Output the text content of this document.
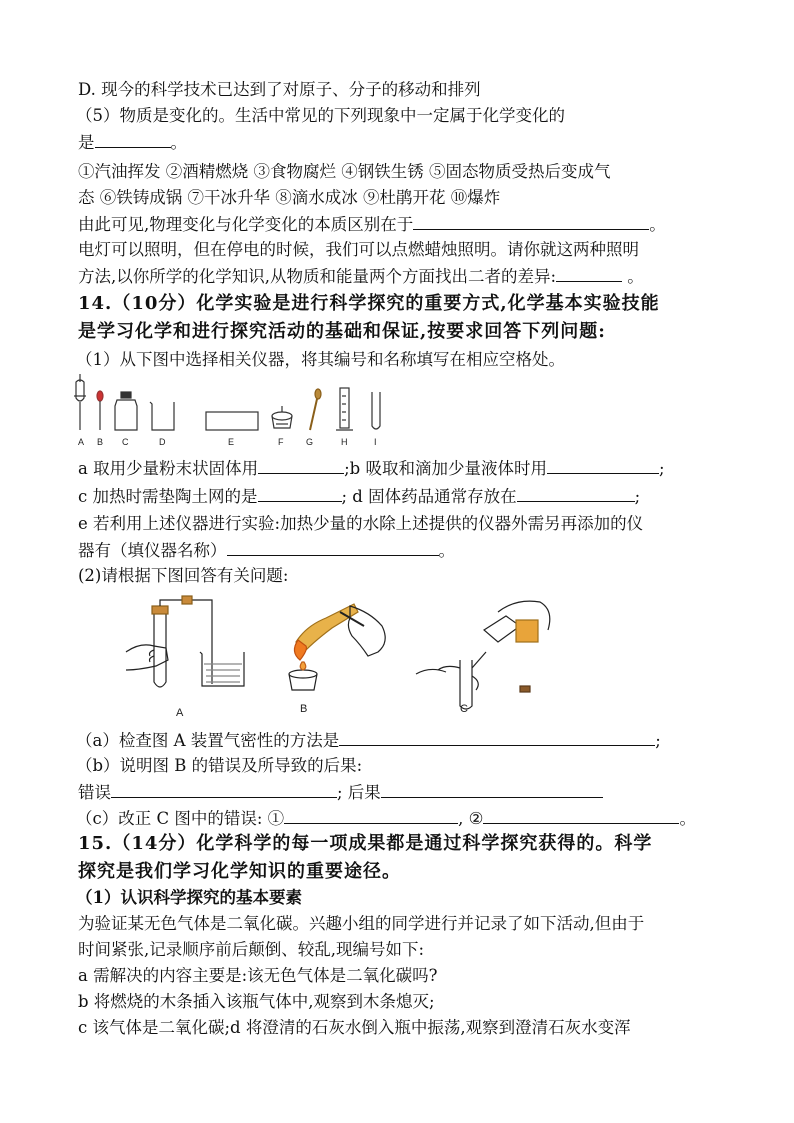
D. 现今的科学技术已达到了对原子、分子的移动和排列
（5）物质是变化的。生活中常见的下列现象中一定属于化学变化的
是	。
①汽油挥发 ②酒精燃烧 ③食物腐烂 ④钢铁生锈 ⑤固态物质受热后变成气
态 ⑥铁铸成锅 ⑦干冰升华 ⑧滴水成冰 ⑨杜鹃开花 ⑩爆炸
由此可见,物理变化与化学变化的本质区别在于	。
电灯可以照明，但在停电的时候，我们可以点燃蜡烛照明。请你就这两种照明
方法,以你所学的化学知识,从物质和能量两个方面找出二者的差异:	。
14.（10分）化学实验是进行科学探究的重要方式,化学基本实验技能
是学习化学和进行探究活动的基础和保证,按要求回答下列问题:
（1）从下图中选择相关仪器，将其编号和名称填写在相应空格处。
A B C	D	E	F	G	H	I
a 取用少量粉末状固体用	;b 吸取和滴加少量液体时用	;
c 加热时需垫陶土网的是	; d 固体药品通常存放在	;
e 若利用上述仪器进行实验:加热少量的水除上述提供的仪器外需另再添加的仪
器有（填仪器名称）	。
(2)请根据下图回答有关问题:
A	B	C
（a）检查图 A 装置气密性的方法是	;
（b）说明图 B 的错误及所导致的后果:
错误	; 后果
（c）改正 C 图中的错误: ①	, ②	。
15.（14分）化学科学的每一项成果都是通过科学探究获得的。科学
探究是我们学习化学知识的重要途径。
（1）认识科学探究的基本要素
为验证某无色气体是二氧化碳。兴趣小组的同学进行并记录了如下活动,但由于
时间紧张,记录顺序前后颠倒、较乱,现编号如下:
a 需解决的内容主要是:该无色气体是二氧化碳吗?
b 将燃烧的木条插入该瓶气体中,观察到木条熄灭;
c 该气体是二氧化碳;d 将澄清的石灰水倒入瓶中振荡,观察到澄清石灰水变浑
